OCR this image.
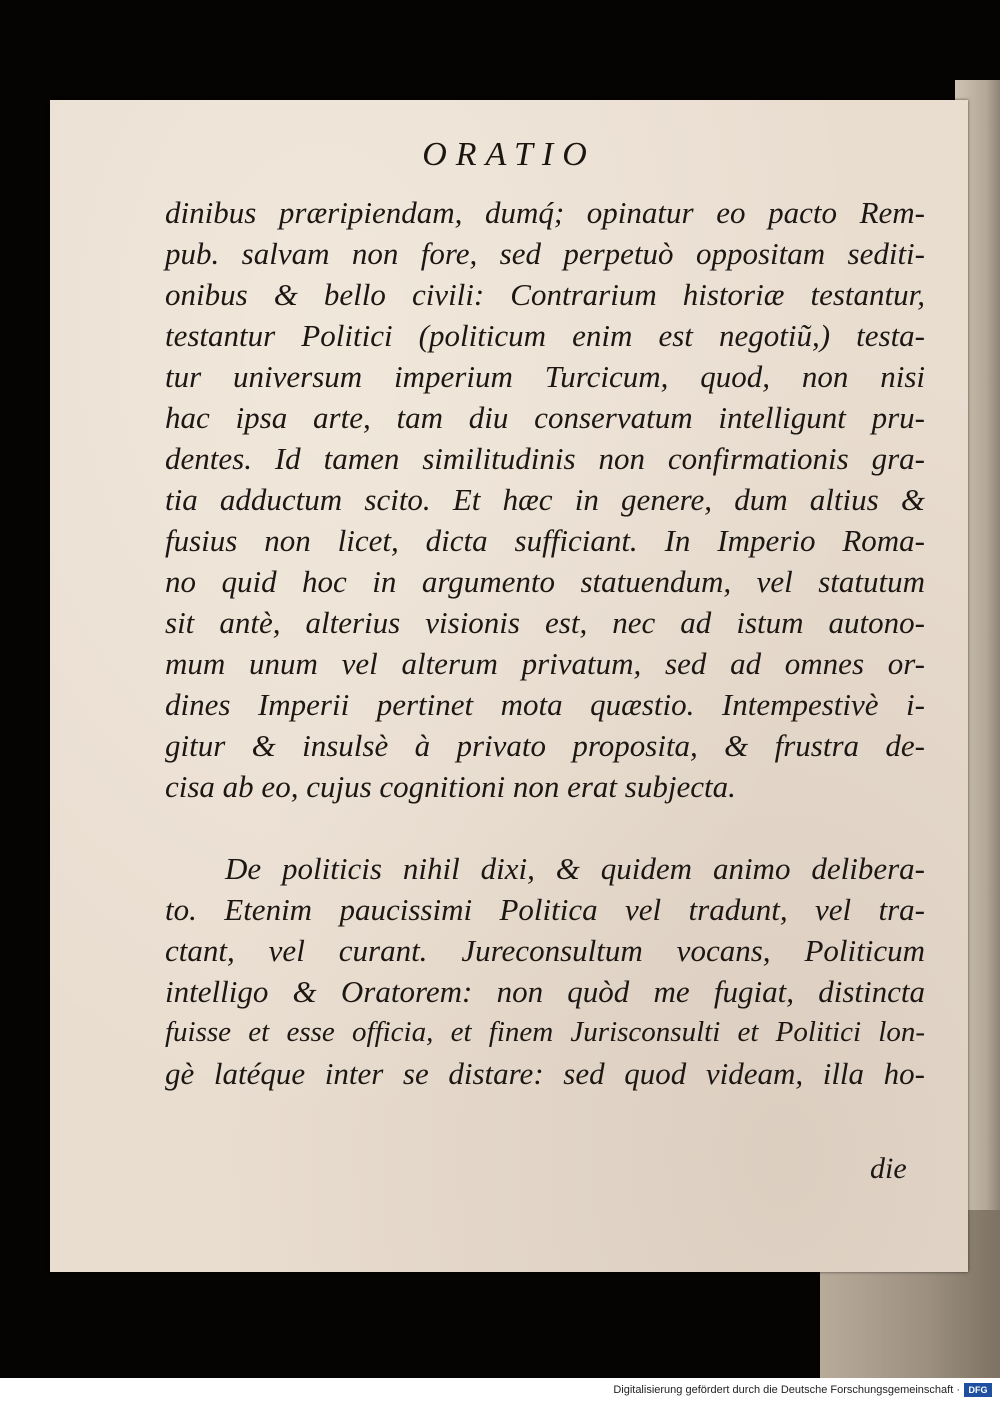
ORATIO
dinibus præripiendam, dumq́; opinatur eo pacto Rem-
pub. salvam non fore, sed perpetuò oppositam sediti-
onibus & bello civili: Contrarium historiæ testantur,
testantur Politici (politicum enim est negotiũ,) testa-
tur universum imperium Turcicum, quod, non nisi
hac ipsa arte, tam diu conservatum intelligunt pru-
dentes. Id tamen similitudinis non confirmationis gra-
tia adductum scito. Et hæc in genere, dum altius &
fusius non licet, dicta sufficiant. In Imperio Roma-
no quid hoc in argumento statuendum, vel statutum
sit antè, alterius visionis est, nec ad istum autono-
mum unum vel alterum privatum, sed ad omnes or-
dines Imperii pertinet mota quæstio. Intempestivè i-
gitur & insulsè à privato proposita, & frustra de-
cisa ab eo, cujus cognitioni non erat subjecta.
De politicis nihil dixi, & quidem animo delibera-
to. Etenim paucissimi Politica vel tradunt, vel tra-
ctant, vel curant. Jureconsultum vocans, Politicum
intelligo & Oratorem: non quòd me fugiat, distincta
fuisse et esse officia, et finem Jurisconsulti et Politici lon-
gè latéque inter se distare: sed quod videam, illa ho-
die
Digitalisierung gefördert durch die Deutsche Forschungsgemeinschaft · DFG
